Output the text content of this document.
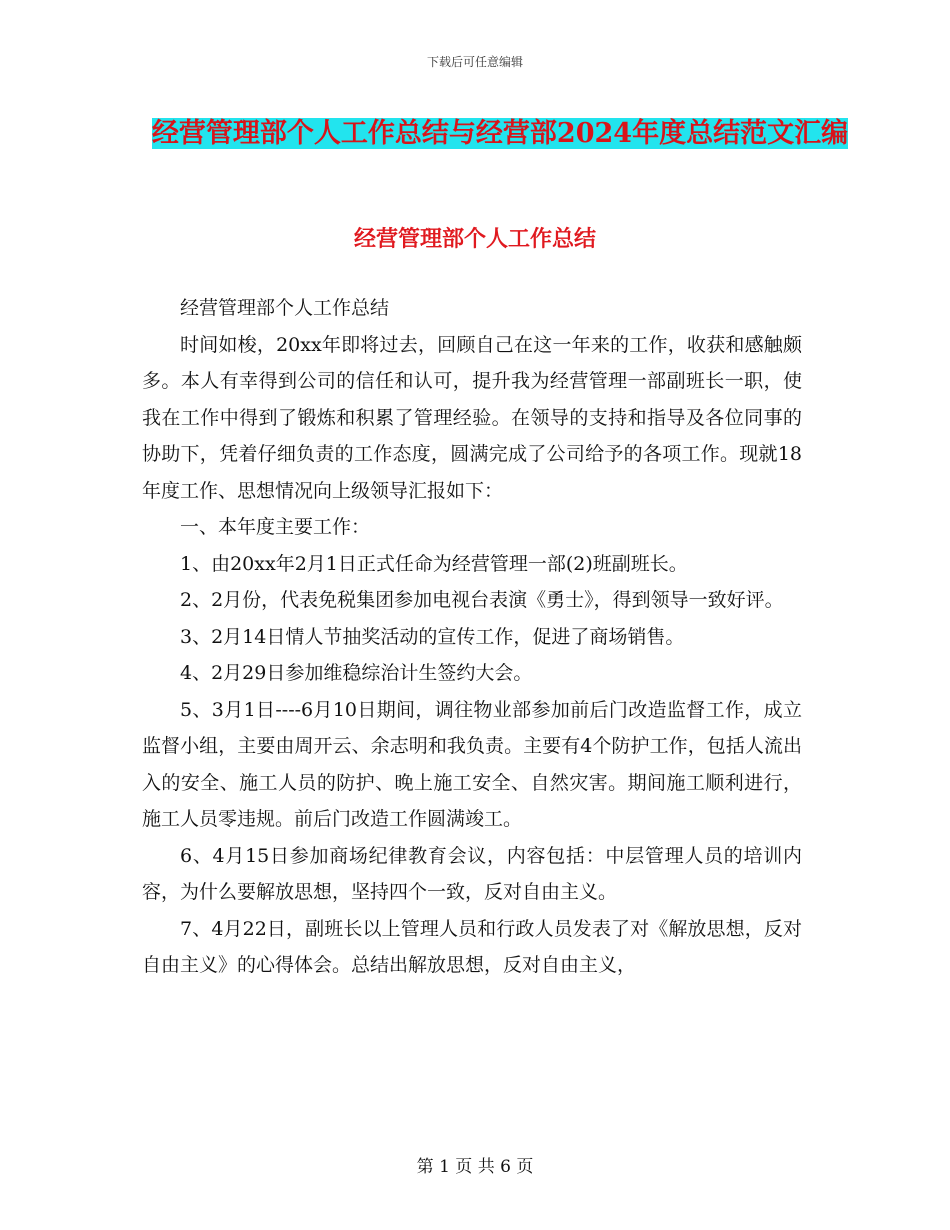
下载后可任意编辑
经营管理部个人工作总结与经营部2024年度总结范文汇编
经营管理部个人工作总结

经营管理部个人工作总结

时间如梭，20xx年即将过去，回顾自己在这一年来的工作，收获和感触颇多。本人有幸得到公司的信任和认可，提升我为经营管理一部副班长一职，使我在工作中得到了锻炼和积累了管理经验。在领导的支持和指导及各位同事的协助下，凭着仔细负责的工作态度，圆满完成了公司给予的各项工作。现就18年度工作、思想情况向上级领导汇报如下：

一、本年度主要工作：

1、由20xx年2月1日正式任命为经营管理一部(2)班副班长。

2、2月份，代表免税集团参加电视台表演《勇士》，得到领导一致好评。

3、2月14日情人节抽奖活动的宣传工作，促进了商场销售。

4、2月29日参加维稳综治计生签约大会。

5、3月1日----6月10日期间，调往物业部参加前后门改造监督工作，成立监督小组，主要由周开云、余志明和我负责。主要有4个防护工作，包括人流出入的安全、施工人员的防护、晚上施工安全、自然灾害。期间施工顺利进行，施工人员零违规。前后门改造工作圆满竣工。

6、4月15日参加商场纪律教育会议，内容包括：中层管理人员的培训内容，为什么要解放思想，坚持四个一致，反对自由主义。

7、4月22日，副班长以上管理人员和行政人员发表了对《解放思想，反对自由主义》的心得体会。总结出解放思想，反对自由主义，

第 1 页 共 6 页
